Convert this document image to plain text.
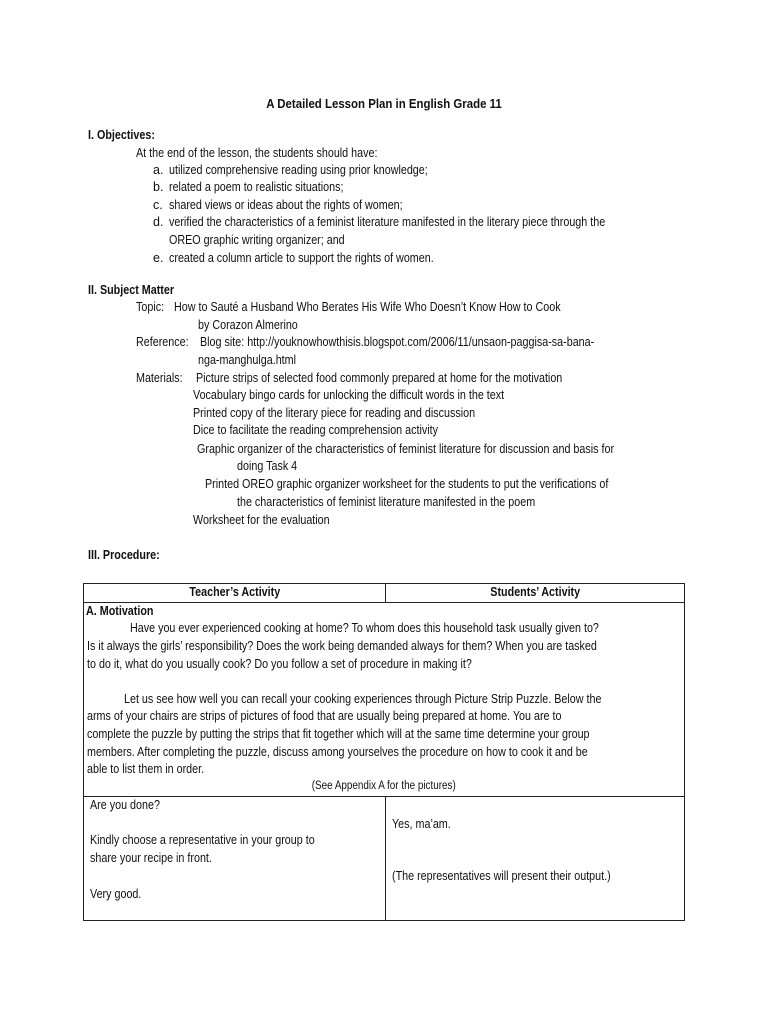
A Detailed Lesson Plan in English Grade 11
I. Objectives:
At the end of the lesson, the students should have:
a. utilized comprehensive reading using prior knowledge;
b. related a poem to realistic situations;
c. shared views or ideas about the rights of women;
d. verified the characteristics of a feminist literature manifested in the literary piece through the
OREO graphic writing organizer; and
e. created a column article to support the rights of women.
II. Subject Matter
Topic: How to Sauté a Husband Who Berates His Wife Who Doesn’t Know How to Cook
by Corazon Almerino
Reference: Blog site: http://youknowhowthisis.blogspot.com/2006/11/unsaon-paggisa-sa-bana-
nga-manghulga.html
Materials:	Picture strips of selected food commonly prepared at home for the motivation
Vocabulary bingo cards for unlocking the difficult words in the text
Printed copy of the literary piece for reading and discussion
Dice to facilitate the reading comprehension activity
Graphic organizer of the characteristics of feminist literature for discussion and basis for
doing Task 4
Printed OREO graphic organizer worksheet for the students to put the verifications of
the characteristics of feminist literature manifested in the poem
Worksheet for the evaluation
III. Procedure:
Teacher’s Activity	Students’ Activity
A. Motivation
Have you ever experienced cooking at home? To whom does this household task usually given to?
Is it always the girls’ responsibility? Does the work being demanded always for them? When you are tasked
to do it, what do you usually cook? Do you follow a set of procedure in making it?
Let us see how well you can recall your cooking experiences through Picture Strip Puzzle. Below the
arms of your chairs are strips of pictures of food that are usually being prepared at home. You are to
complete the puzzle by putting the strips that fit together which will at the same time determine your group
members. After completing the puzzle, discuss among yourselves the procedure on how to cook it and be
able to list them in order.
(See Appendix A for the pictures)
Are you done?
Kindly choose a representative in your group to
share your recipe in front.
Very good.
Yes, ma’am.
(The representatives will present their output.)
